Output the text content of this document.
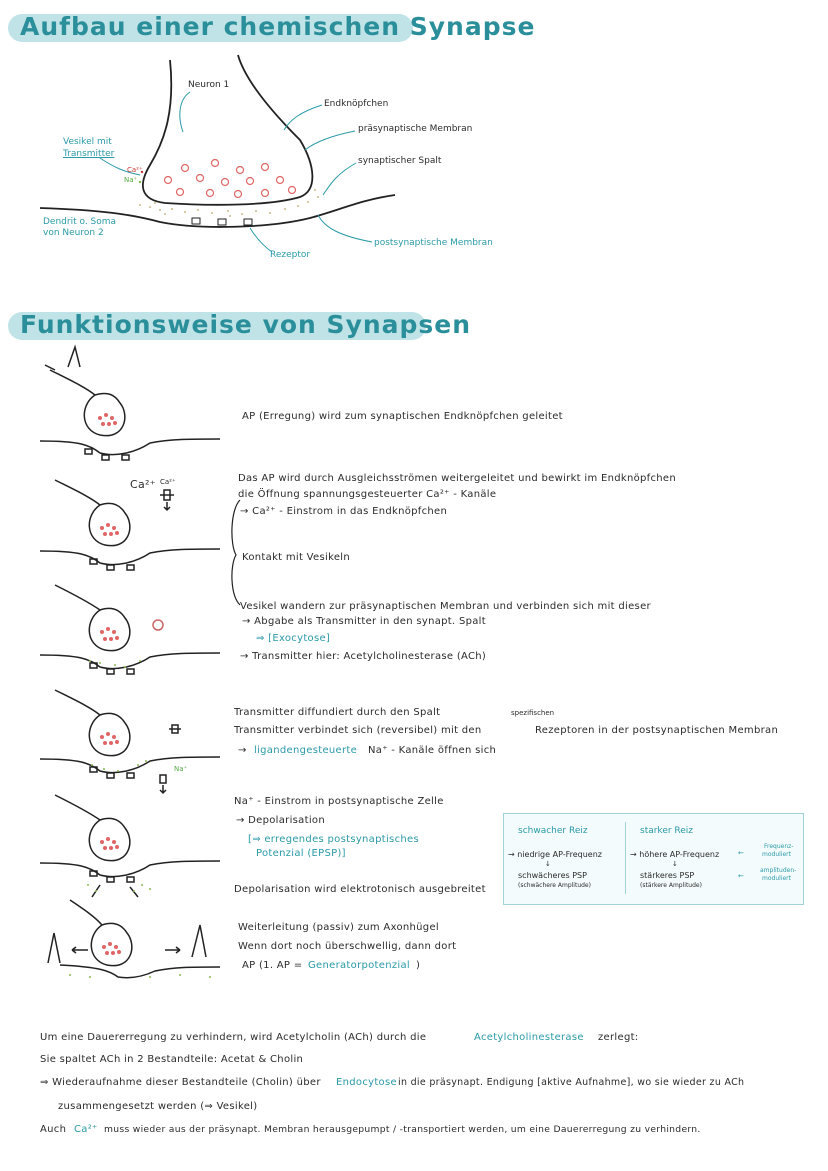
Aufbau einer chemischen Synapse
Funktionsweise von Synapsen
Neuron 1
Endknöpfchen
präsynaptische Membran
synaptischer Spalt
Vesikel mit
Transmitter
Ca²⁺
Na⁺
Dendrit o. Soma
von Neuron 2
Rezeptor
postsynaptische Membran
Ca²⁺ Ca²⁺
Na⁺
AP (Erregung) wird zum synaptischen Endknöpfchen geleitet
Das AP wird durch Ausgleichsströmen weitergeleitet und bewirkt im Endknöpfchen
die Öffnung spannungsgesteuerter Ca²⁺ - Kanäle
→ Ca²⁺ - Einstrom in das Endknöpfchen
Kontakt mit Vesikeln
Vesikel wandern zur präsynaptischen Membran und verbinden sich mit dieser
→ Abgabe als Transmitter in den synapt. Spalt
⇒ [Exocytose]
→ Transmitter hier: Acetylcholinesterase (ACh)
Transmitter diffundiert durch den Spalt
Transmitter verbindet sich (reversibel) mit den
spezifischen
Rezeptoren in der postsynaptischen Membran
→ ligandengesteuerte Na⁺ - Kanäle öffnen sich
Na⁺ - Einstrom in postsynaptische Zelle
→ Depolarisation
[⇒ erregendes postsynaptisches
Potenzial (EPSP)]
Depolarisation wird elektrotonisch ausgebreitet
Weiterleitung (passiv) zum Axonhügel
Wenn dort noch überschwellig, dann dort
AP (1. AP = Generatorpotenzial )
schwacher Reiz
→ niedrige AP-Frequenz
↓
schwächeres PSP
(schwächere Amplitude)
starker Reiz
→ höhere AP-Frequenz
↓
stärkeres PSP
(stärkere Amplitude)
←
Frequenz-
moduliert
←
amplituden-
moduliert
Um eine Dauererregung zu verhindern, wird Acetylcholin (ACh) durch die	Acetylcholinesterase zerlegt:
Sie spaltet ACh in 2 Bestandteile: Acetat & Cholin
⇒ Wiederaufnahme dieser Bestandteile (Cholin) über Endocytose in die präsynapt. Endigung [aktive Aufnahme], wo sie wieder zu ACh
zusammengesetzt werden (⇒ Vesikel)
Auch Ca²⁺ muss wieder aus der präsynapt. Membran herausgepumpt / -transportiert werden, um eine Dauererregung zu verhindern.
